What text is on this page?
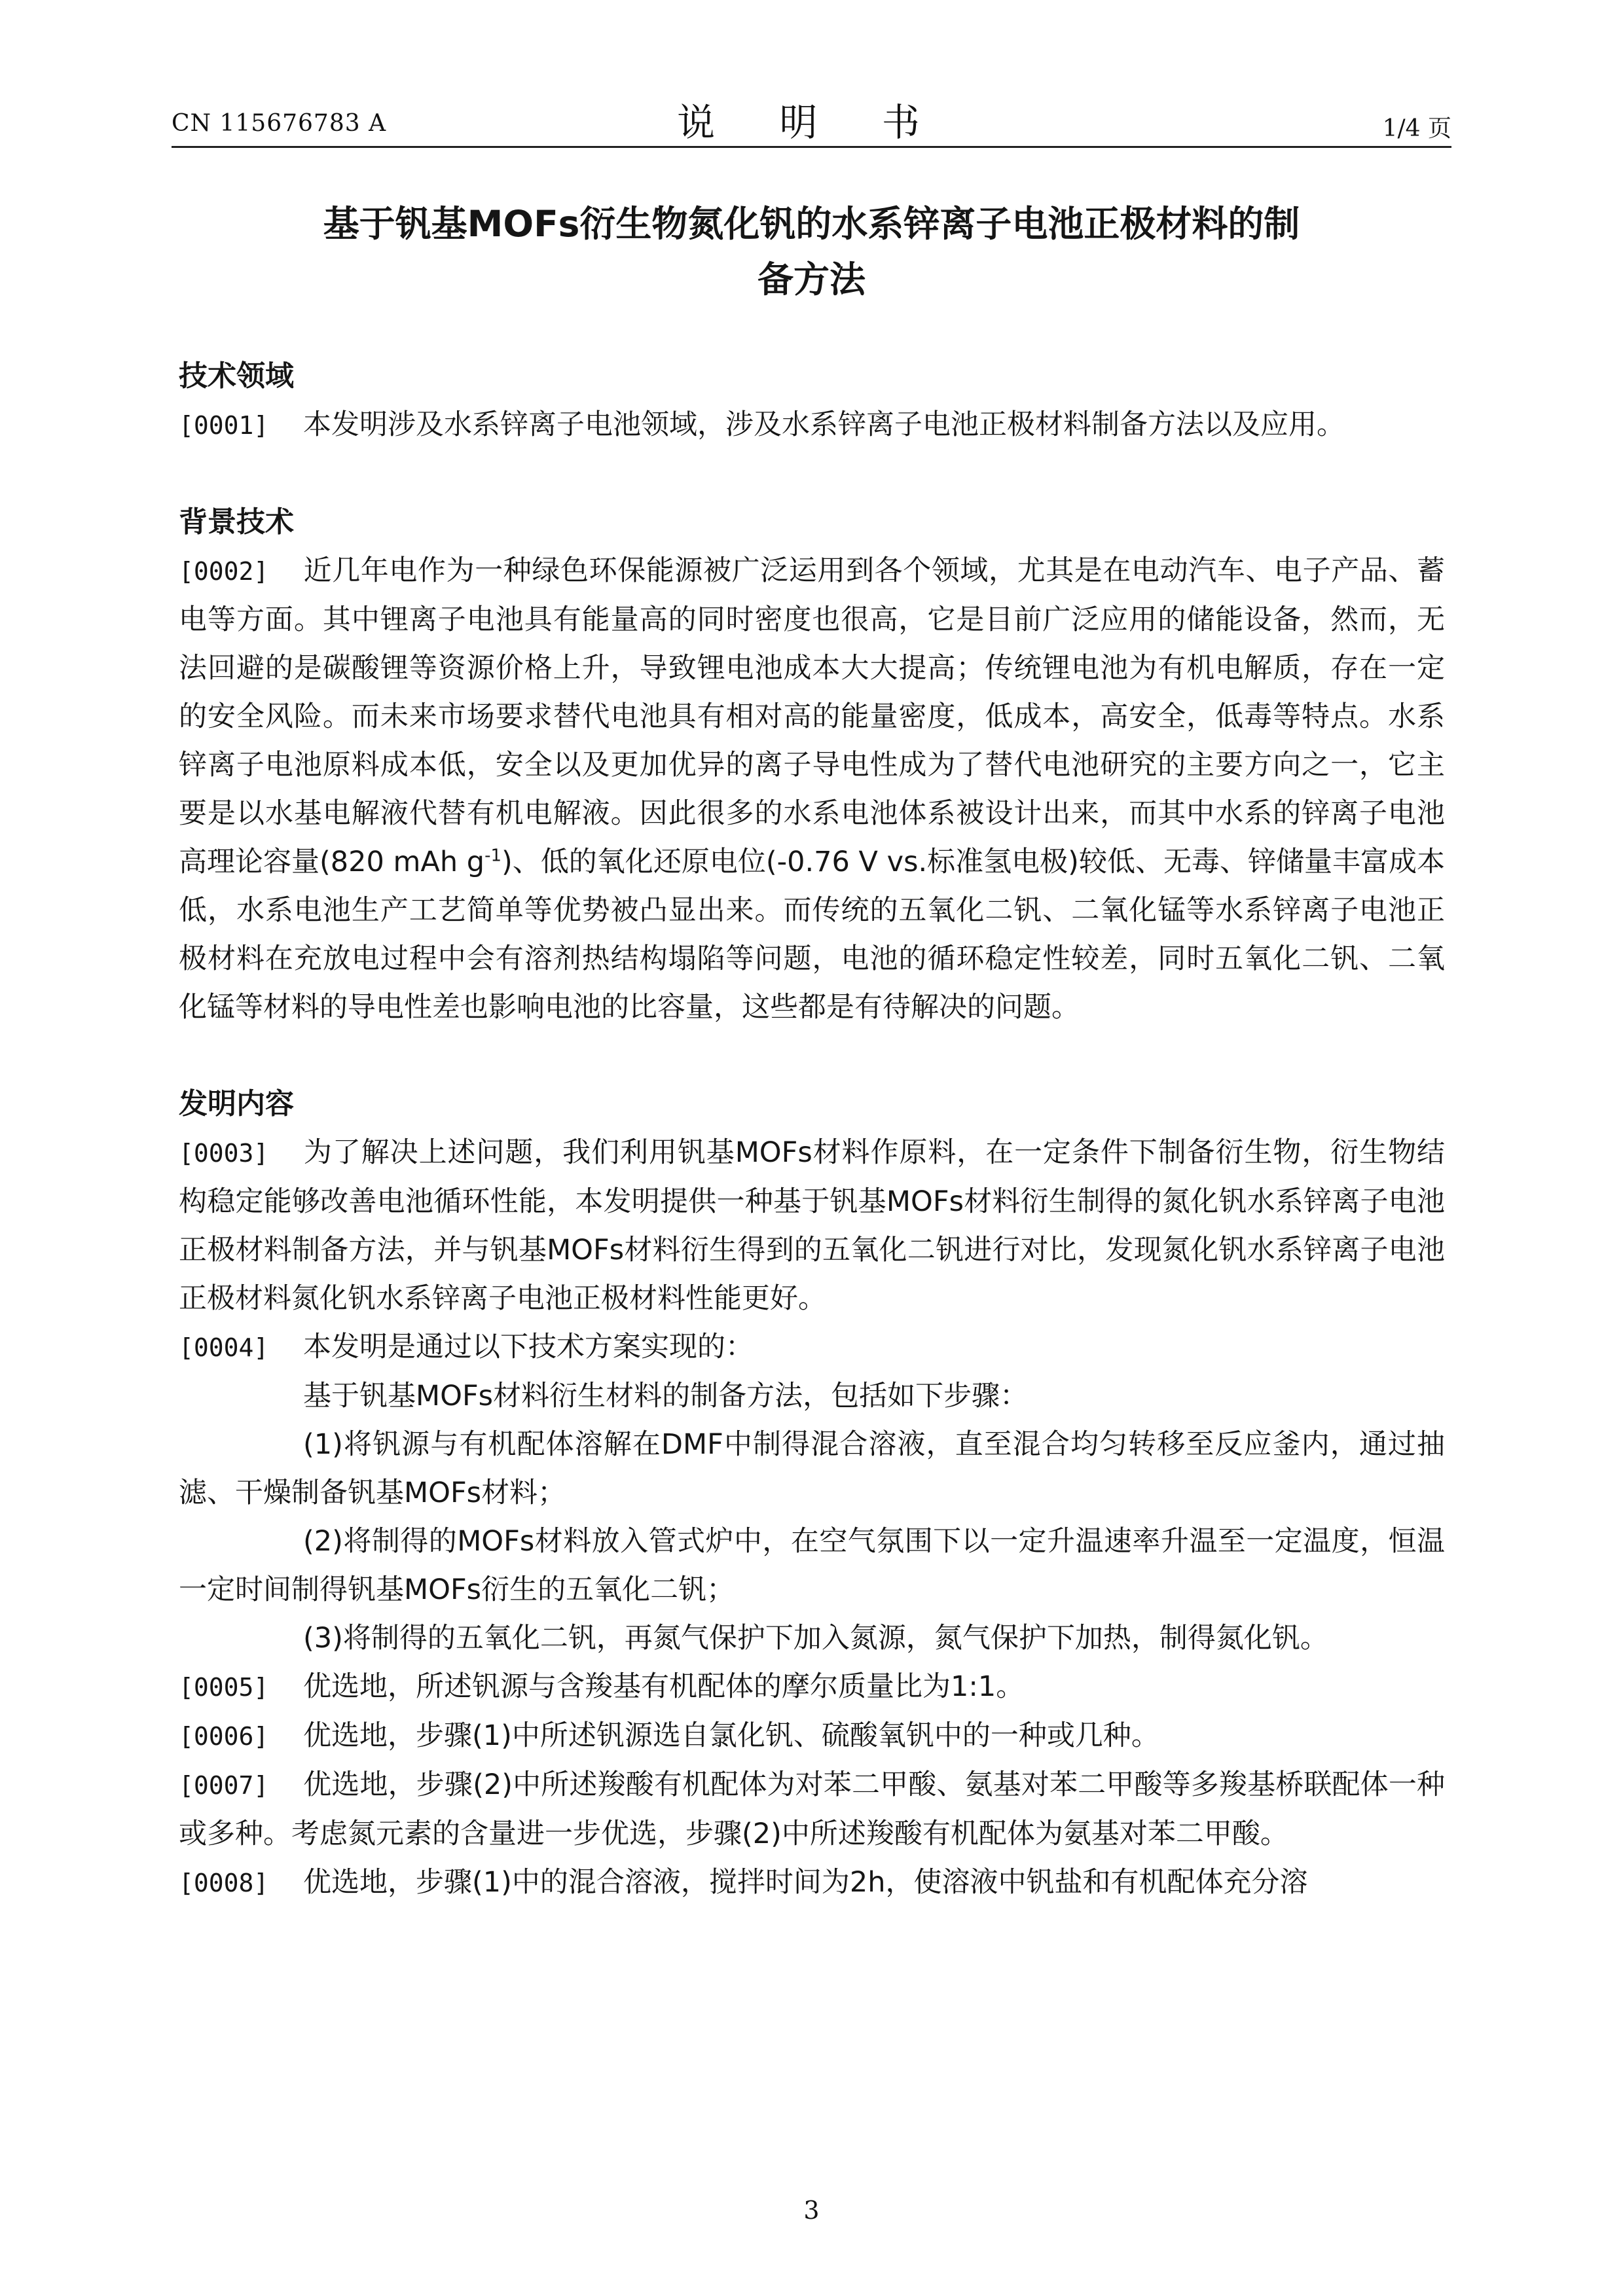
CN 115676783 A	说 明 书	1/4 页
基于钒基MOFs衍生物氮化钒的水系锌离子电池正极材料的制
备方法

技术领域

[0001] 本发明涉及水系锌离子电池领域，涉及水系锌离子电池正极材料制备方法以及应用。

背景技术

[0002] 近几年电作为一种绿色环保能源被广泛运用到各个领域，尤其是在电动汽车、电子产品、蓄电等方面。其中锂离子电池具有能量高的同时密度也很高，它是目前广泛应用的储能设备，然而，无法回避的是碳酸锂等资源价格上升，导致锂电池成本大大提高；传统锂电池为有机电解质，存在一定的安全风险。而未来市场要求替代电池具有相对高的能量密度，低成本，高安全，低毒等特点。水系锌离子电池原料成本低，安全以及更加优异的离子导电性成为了替代电池研究的主要方向之一，它主要是以水基电解液代替有机电解液。因此很多的水系电池体系被设计出来，而其中水系的锌离子电池高理论容量(820 mAh $g^{-1}$)、低的氧化还原电位(-0.76 V vs.标准氢电极)较低、无毒、锌储量丰富成本低，水系电池生产工艺简单等优势被凸显出来。而传统的五氧化二钒、二氧化锰等水系锌离子电池正极材料在充放电过程中会有溶剂热结构塌陷等问题，电池的循环稳定性较差，同时五氧化二钒、二氧化锰等材料的导电性差也影响电池的比容量，这些都是有待解决的问题。

发明内容

[0003] 为了解决上述问题，我们利用钒基MOFs材料作原料，在一定条件下制备衍生物，衍生物结构稳定能够改善电池循环性能，本发明提供一种基于钒基MOFs材料衍生制得的氮化钒水系锌离子电池正极材料制备方法，并与钒基MOFs材料衍生得到的五氧化二钒进行对比，发现氮化钒水系锌离子电池正极材料氮化钒水系锌离子电池正极材料性能更好。

[0004] 本发明是通过以下技术方案实现的：

基于钒基MOFs材料衍生材料的制备方法，包括如下步骤：

(1)将钒源与有机配体溶解在DMF中制得混合溶液，直至混合均匀转移至反应釜内，通过抽滤、干燥制备钒基MOFs材料；

(2)将制得的MOFs材料放入管式炉中，在空气氛围下以一定升温速率升温至一定温度，恒温一定时间制得钒基MOFs衍生的五氧化二钒；

(3)将制得的五氧化二钒，再氮气保护下加入氮源，氮气保护下加热，制得氮化钒。

[0005] 优选地，所述钒源与含羧基有机配体的摩尔质量比为1:1。

[0006] 优选地，步骤(1)中所述钒源选自氯化钒、硫酸氧钒中的一种或几种。

[0007] 优选地，步骤(2)中所述羧酸有机配体为对苯二甲酸、氨基对苯二甲酸等多羧基桥联配体一种或多种。考虑氮元素的含量进一步优选，步骤(2)中所述羧酸有机配体为氨基对苯二甲酸。

[0008] 优选地，步骤(1)中的混合溶液，搅拌时间为2h，使溶液中钒盐和有机配体充分溶

3
